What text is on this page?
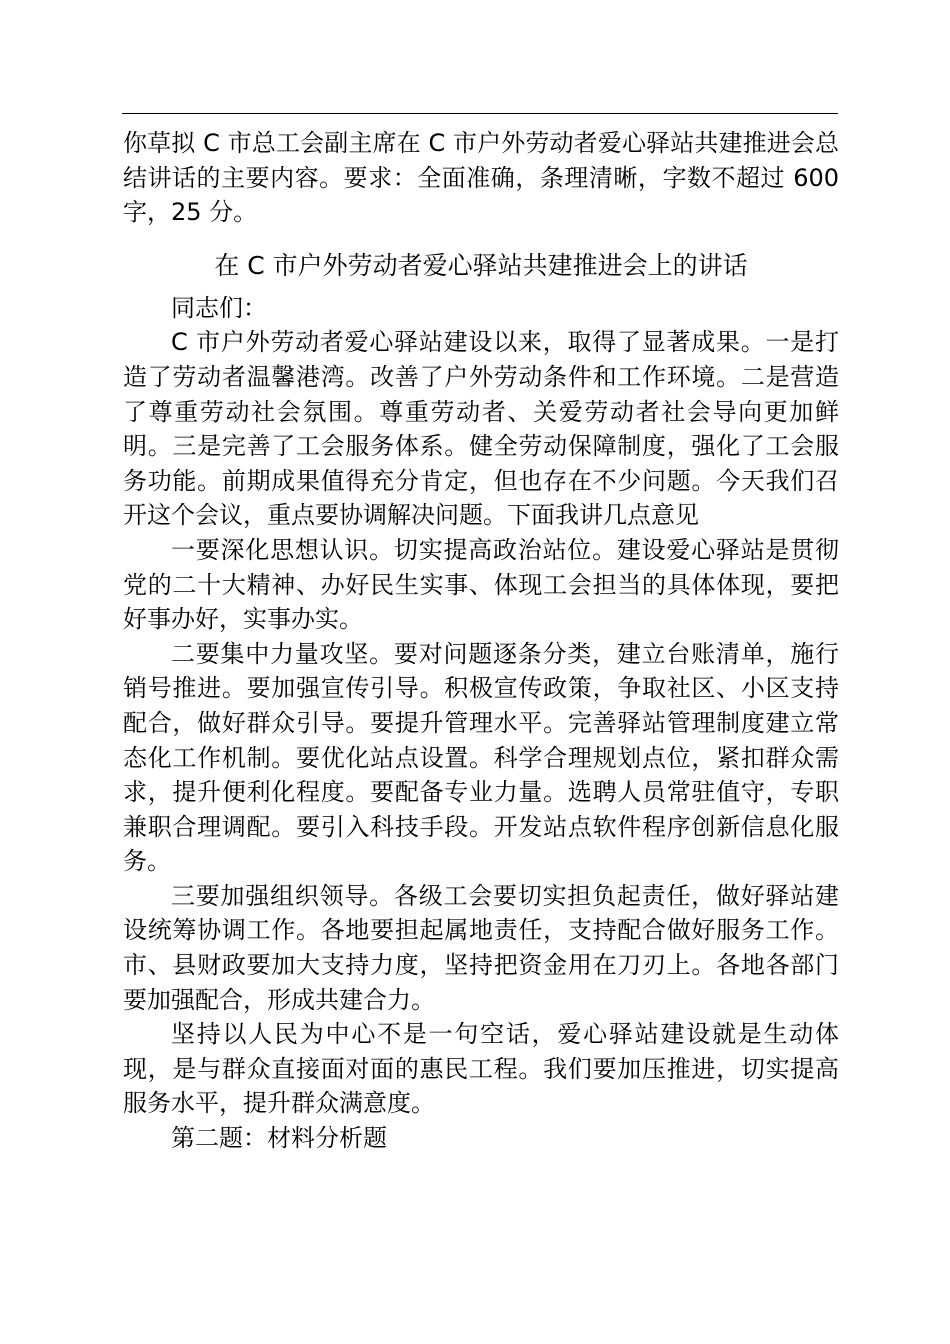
你草拟 C 市总工会副主席在 C 市户外劳动者爱心驿站共建推进会总结讲话的主要内容。要求：全面准确，条理清晰，字数不超过 600 字，25 分。

在 C 市户外劳动者爱心驿站共建推进会上的讲话

同志们：

C 市户外劳动者爱心驿站建设以来，取得了显著成果。一是打造了劳动者温馨港湾。改善了户外劳动条件和工作环境。二是营造了尊重劳动社会氛围。尊重劳动者、关爱劳动者社会导向更加鲜明。三是完善了工会服务体系。健全劳动保障制度，强化了工会服务功能。前期成果值得充分肯定，但也存在不少问题。今天我们召开这个会议，重点要协调解决问题。下面我讲几点意见

一要深化思想认识。切实提高政治站位。建设爱心驿站是贯彻党的二十大精神、办好民生实事、体现工会担当的具体体现，要把好事办好，实事办实。

二要集中力量攻坚。要对问题逐条分类，建立台账清单，施行销号推进。要加强宣传引导。积极宣传政策，争取社区、小区支持配合，做好群众引导。要提升管理水平。完善驿站管理制度建立常态化工作机制。要优化站点设置。科学合理规划点位，紧扣群众需求，提升便利化程度。要配备专业力量。选聘人员常驻值守，专职兼职合理调配。要引入科技手段。开发站点软件程序创新信息化服务。

三要加强组织领导。各级工会要切实担负起责任，做好驿站建设统筹协调工作。各地要担起属地责任，支持配合做好服务工作。市、县财政要加大支持力度，坚持把资金用在刀刃上。各地各部门要加强配合，形成共建合力。

坚持以人民为中心不是一句空话，爱心驿站建设就是生动体现，是与群众直接面对面的惠民工程。我们要加压推进，切实提高服务水平，提升群众满意度。

第二题：材料分析题
